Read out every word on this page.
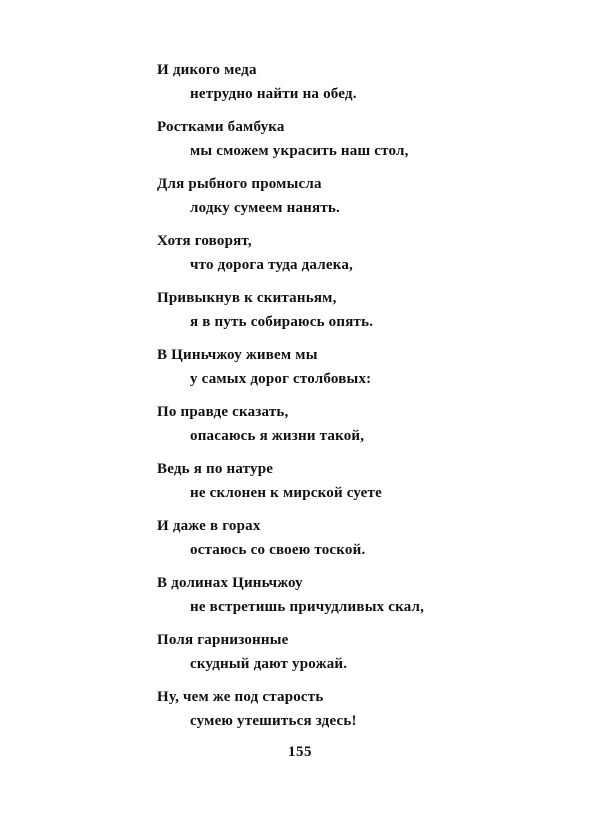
И дикого меда
нетрудно найти на обед.
Ростками бамбука
мы сможем украсить наш стол,
Для рыбного промысла
лодку сумеем нанять.
Хотя говорят,
что дорога туда далека,
Привыкнув к скитаньям,
я в путь собираюсь опять.
В Циньчжоу живем мы
у самых дорог столбовых:
По правде сказать,
опасаюсь я жизни такой,
Ведь я по натуре
не склонен к мирской суете
И даже в горах
остаюсь со своею тоской.
В долинах Циньчжоу
не встретишь причудливых скал,
Поля гарнизонные
скудный дают урожай.
Ну, чем же под старость
сумею утешиться здесь!
155
